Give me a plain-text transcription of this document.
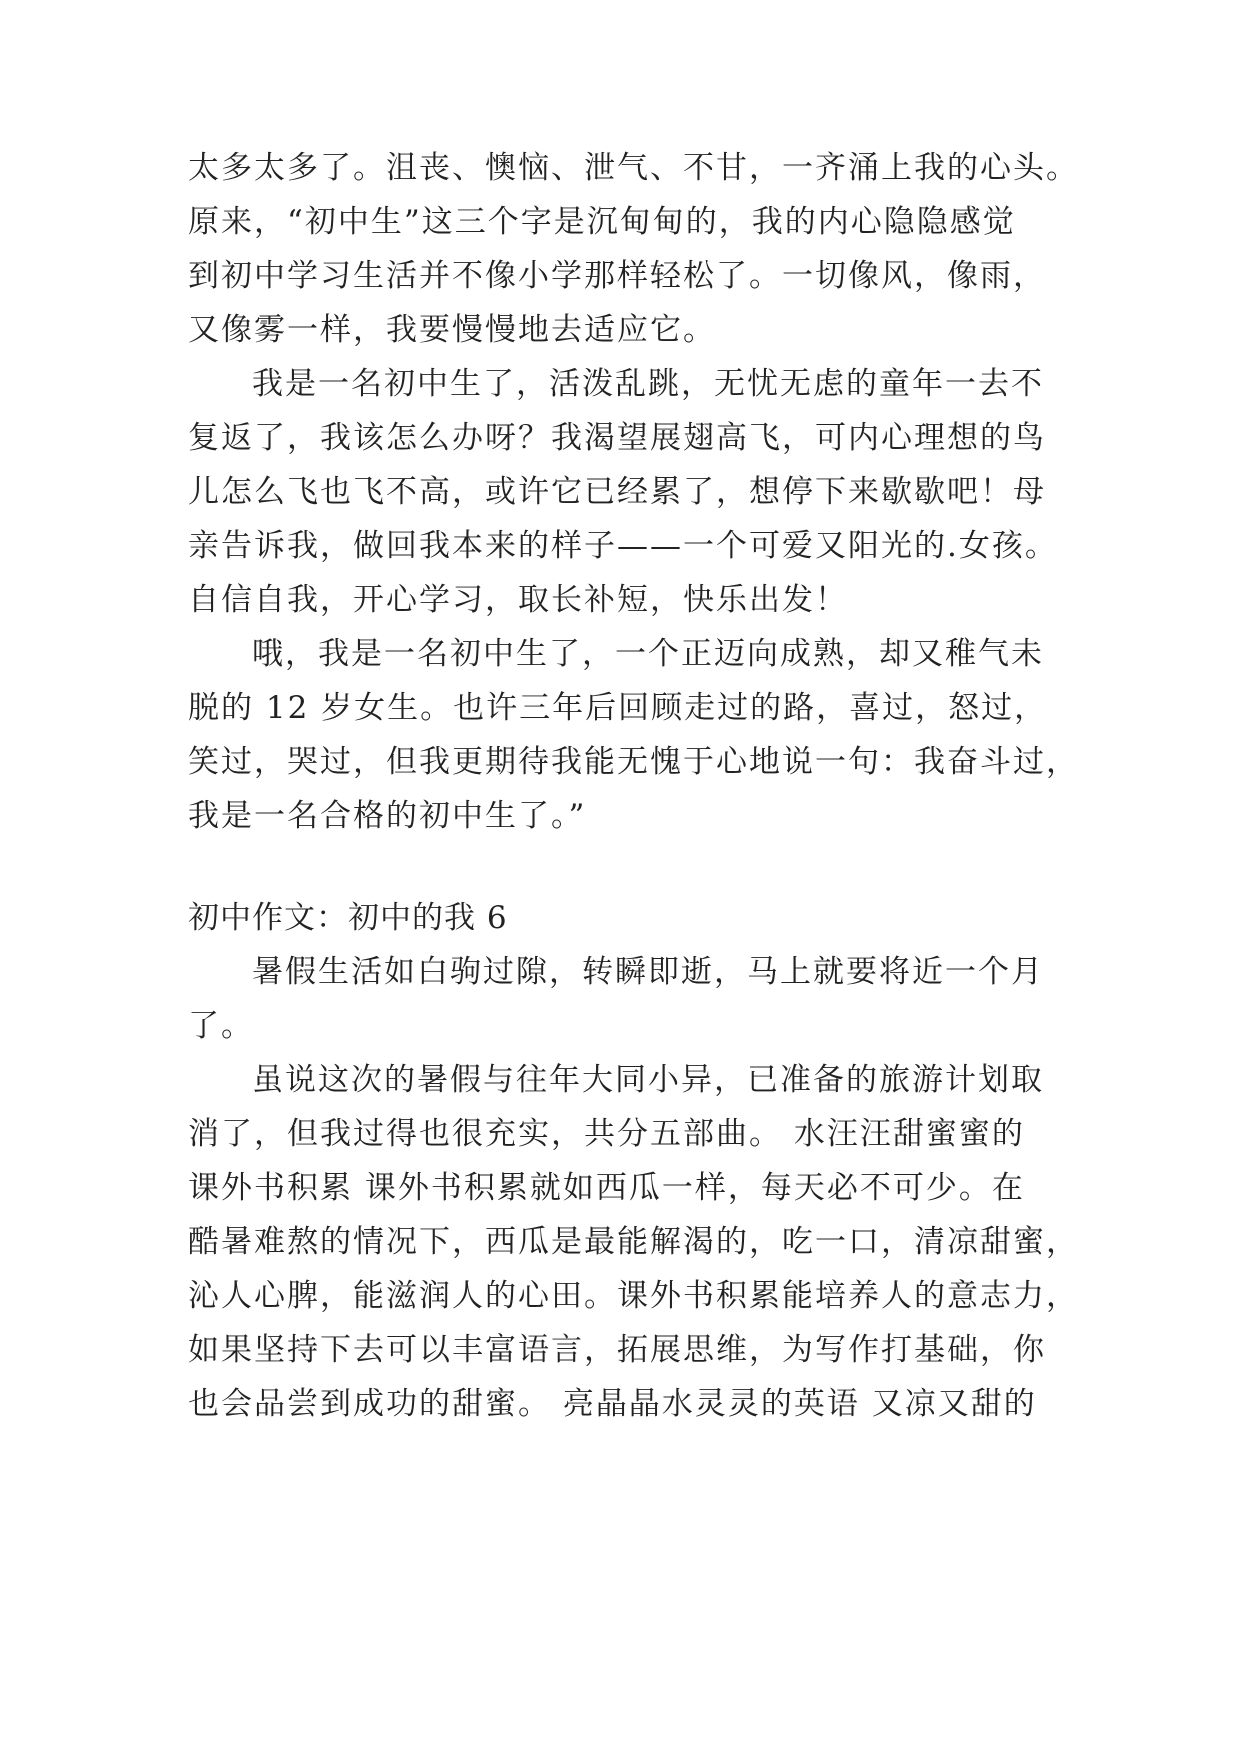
太多太多了。沮丧、懊恼、泄气、不甘，一齐涌上我的心头。
原来，“初中生”这三个字是沉甸甸的，我的内心隐隐感觉
到初中学习生活并不像小学那样轻松了。一切像风，像雨，
又像雾一样，我要慢慢地去适应它。
我是一名初中生了，活泼乱跳，无忧无虑的童年一去不
复返了，我该怎么办呀？我渴望展翅高飞，可内心理想的鸟
儿怎么飞也飞不高，或许它已经累了，想停下来歇歇吧！母
亲告诉我，做回我本来的样子——一个可爱又阳光的.女孩。
自信自我，开心学习，取长补短，快乐出发！
哦，我是一名初中生了，一个正迈向成熟，却又稚气未
脱的 12 岁女生。也许三年后回顾走过的路，喜过，怒过，
笑过，哭过，但我更期待我能无愧于心地说一句：我奋斗过，
我是一名合格的初中生了。”
初中作文：初中的我 6
暑假生活如白驹过隙，转瞬即逝，马上就要将近一个月
了。
虽说这次的暑假与往年大同小异，已准备的旅游计划取
消了，但我过得也很充实，共分五部曲。 水汪汪甜蜜蜜的
课外书积累 课外书积累就如西瓜一样，每天必不可少。在
酷暑难熬的情况下，西瓜是最能解渴的，吃一口，清凉甜蜜，
沁人心脾，能滋润人的心田。课外书积累能培养人的意志力，
如果坚持下去可以丰富语言，拓展思维，为写作打基础，你
也会品尝到成功的甜蜜。 亮晶晶水灵灵的英语 又凉又甜的
